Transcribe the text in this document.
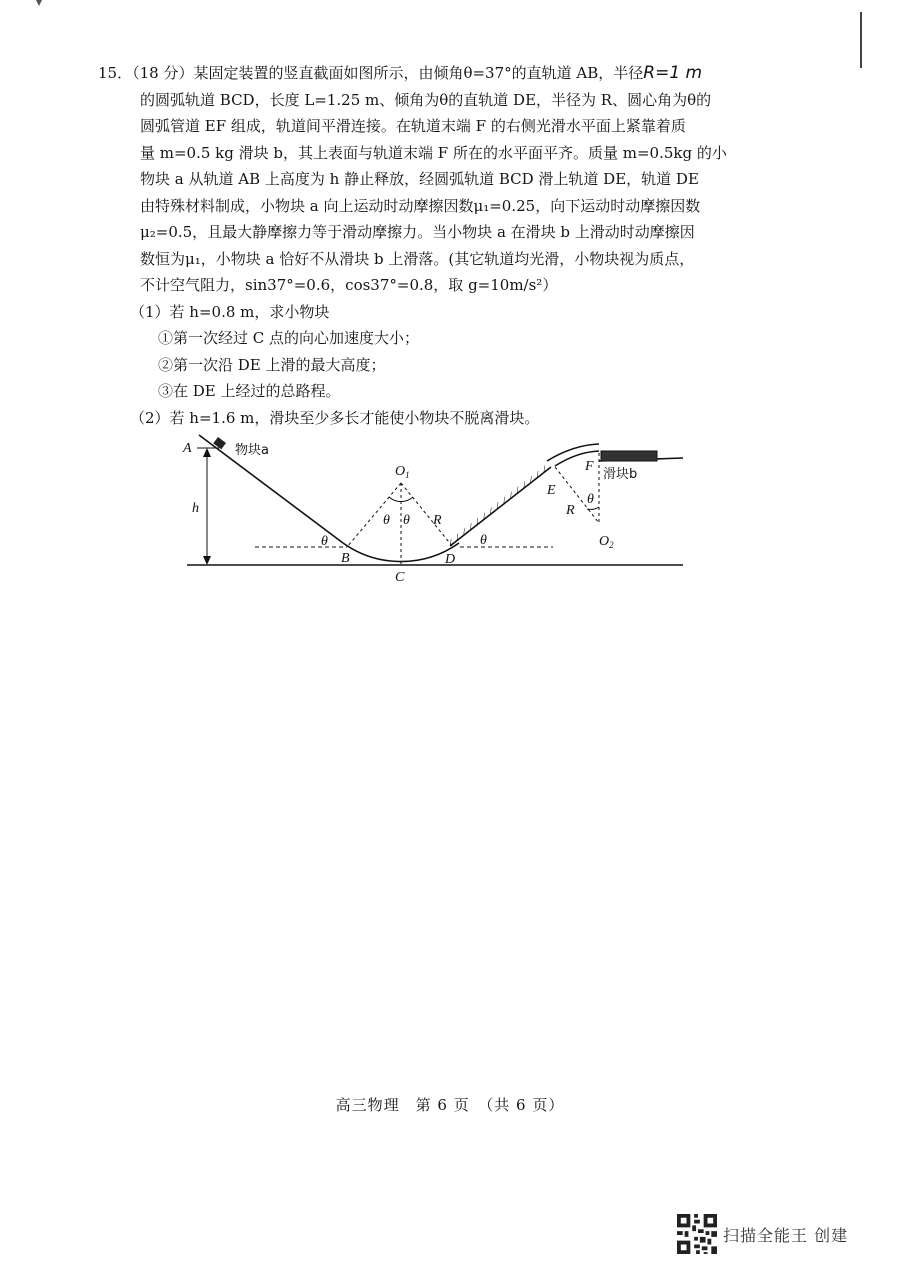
15．（18 分）某固定装置的竖直截面如图所示，由倾角θ=37°的直轨道 AB，半径R=1 m
的圆弧轨道 BCD，长度 L=1.25 m、倾角为θ的直轨道 DE，半径为 R、圆心角为θ的
圆弧管道 EF 组成，轨道间平滑连接。在轨道末端 F 的右侧光滑水平面上紧靠着质
量 m=0.5 kg 滑块 b，其上表面与轨道末端 F 所在的水平面平齐。质量 m=0.5kg 的小
物块 a 从轨道 AB 上高度为 h 静止释放，经圆弧轨道 BCD 滑上轨道 DE，轨道 DE
由特殊材料制成，小物块 a 向上运动时动摩擦因数μ₁=0.25，向下运动时动摩擦因数
μ₂=0.5，且最大静摩擦力等于滑动摩擦力。当小物块 a 在滑块 b 上滑动时动摩擦因
数恒为μ₁，小物块 a 恰好不从滑块 b 上滑落。(其它轨道均光滑，小物块视为质点，
不计空气阻力，sin37°=0.6，cos37°=0.8，取 g=10m/s²）
（1）若 h=0.8 m，求小物块
①第一次经过 C 点的向心加速度大小；
②第一次沿 DE 上滑的最大高度；
③在 DE 上经过的总路程。
（2）若 h=1.6 m，滑块至少多长才能使小物块不脱离滑块。
h
A	物块a
θ
B
C
D
$O_1$
θ θ R
θ
E
θ
R
$O_2$
F
滑块b
高三物理　第 6 页　（共 6 页）
扫描全能王 创建
